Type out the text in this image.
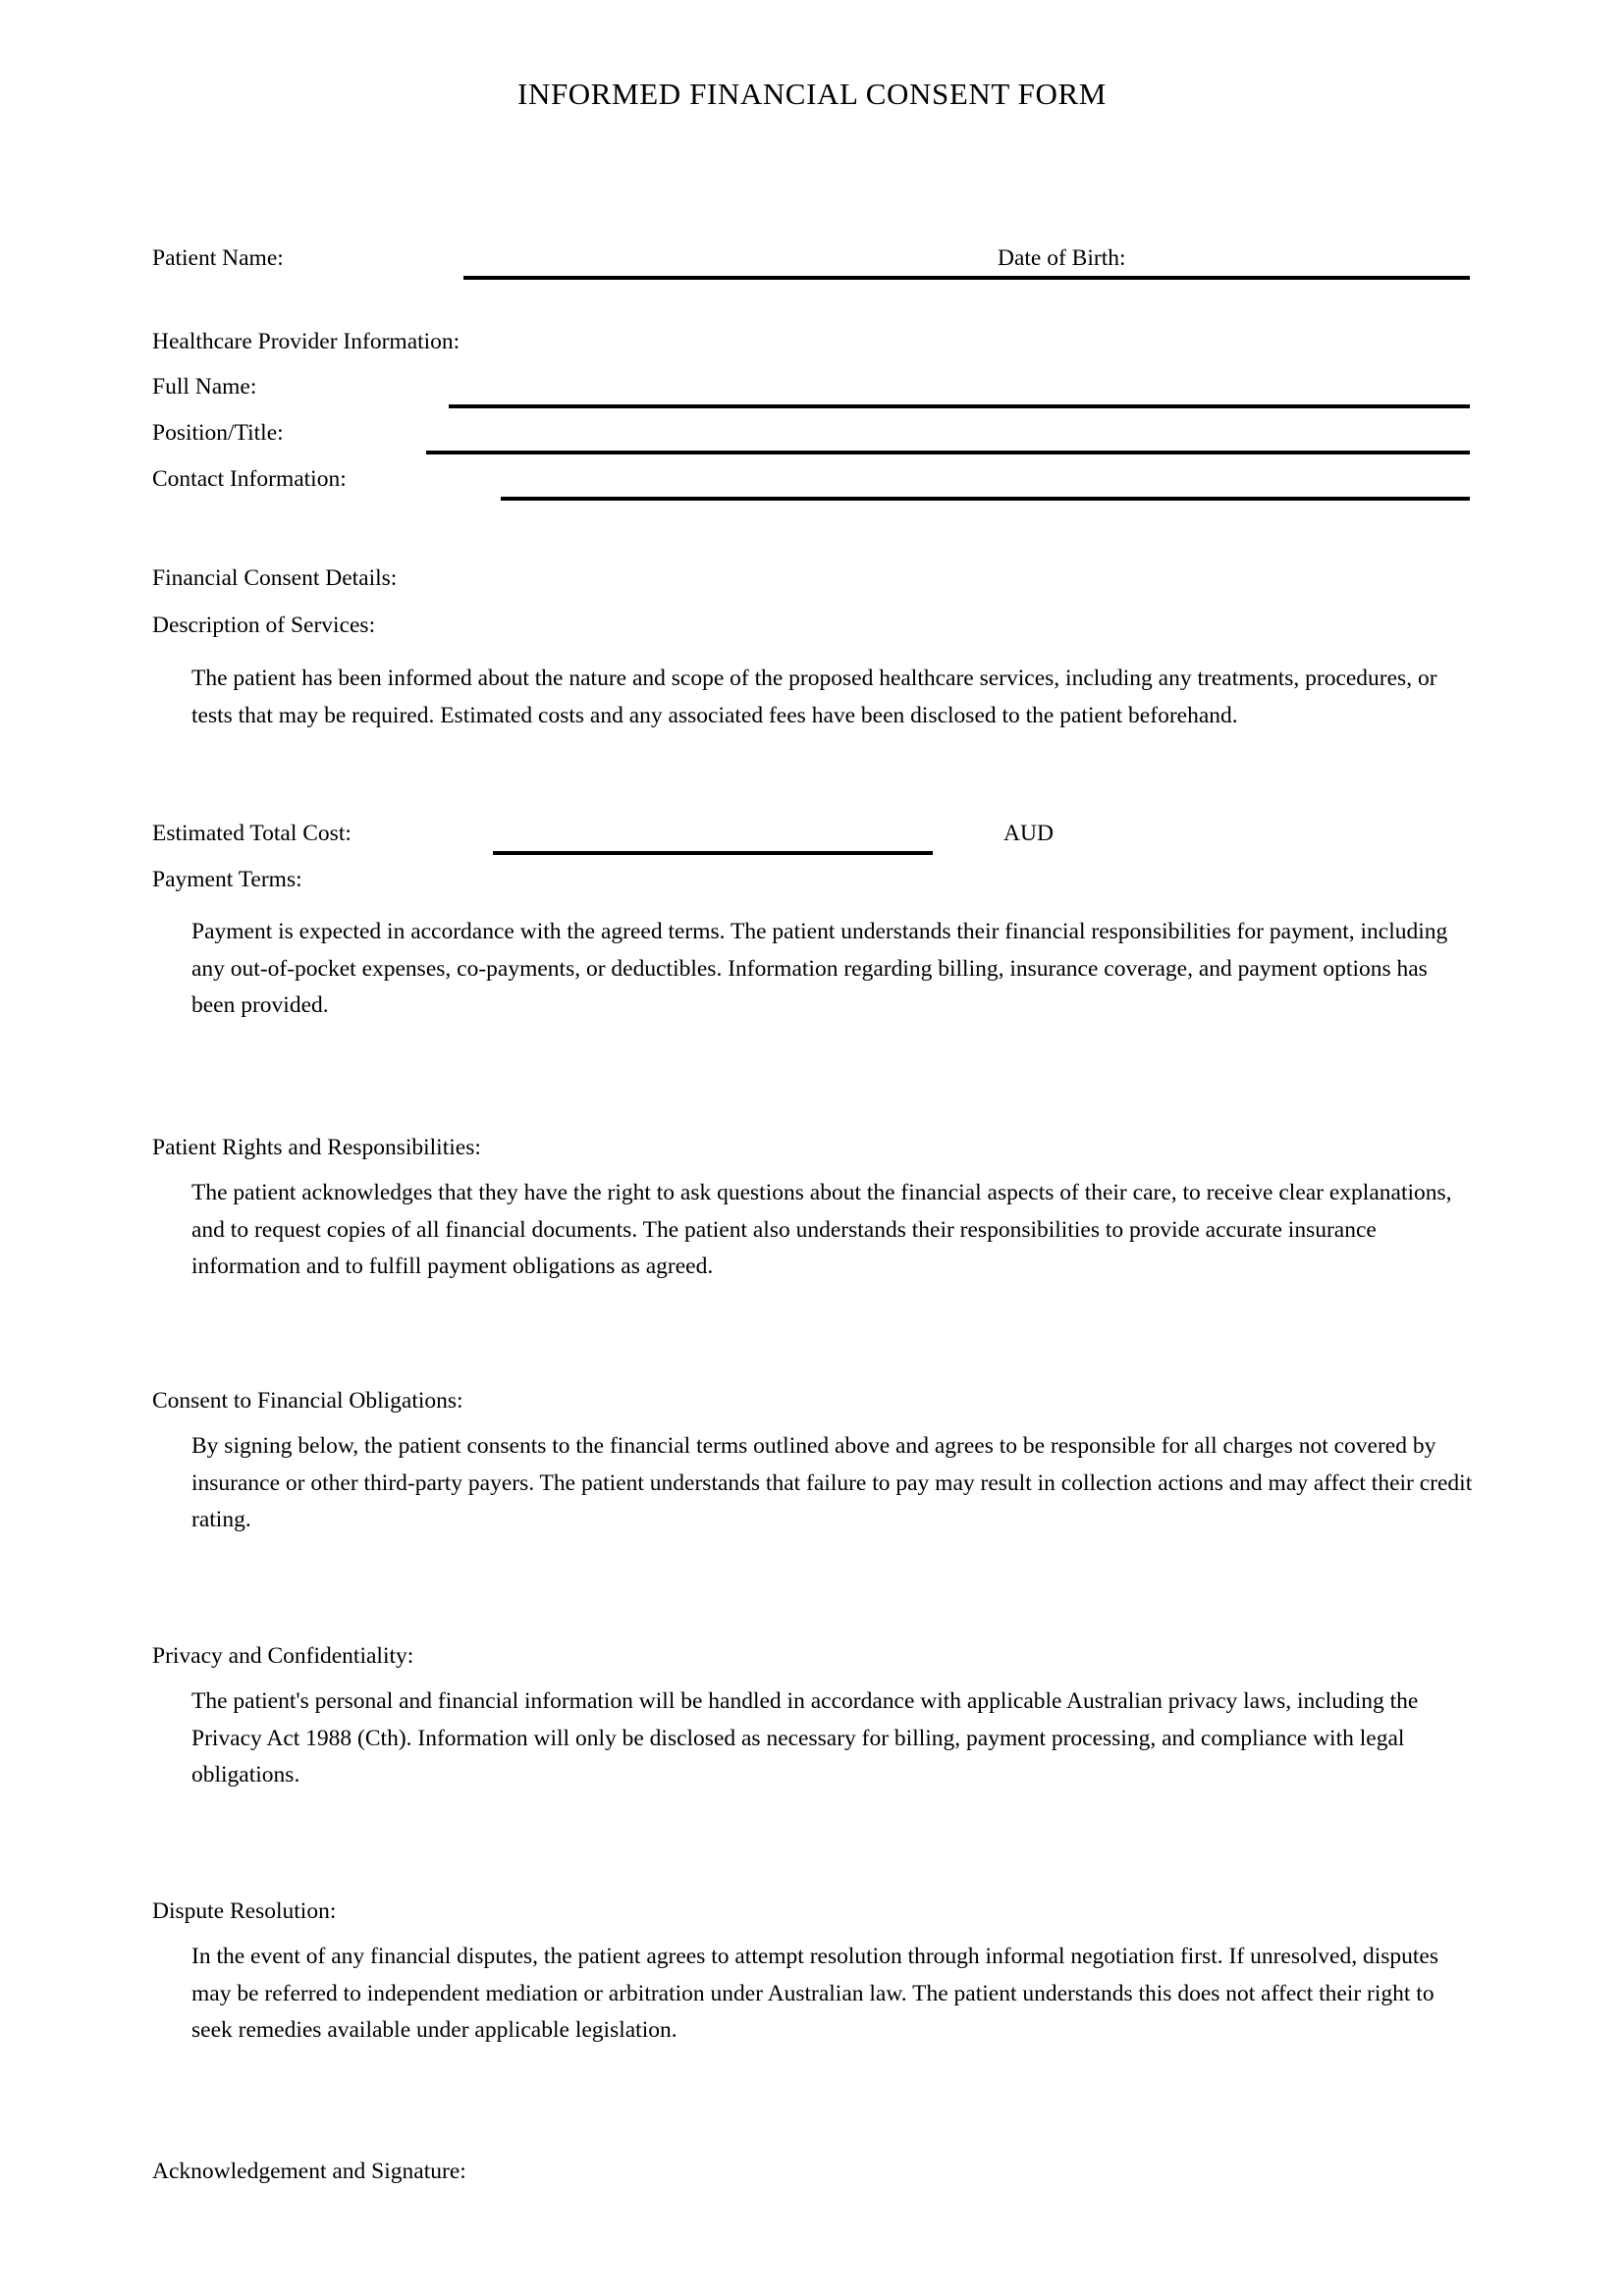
INFORMED FINANCIAL CONSENT FORM
Patient Name:	Date of Birth:
Healthcare Provider Information:
Full Name:
Position/Title:
Contact Information:
Financial Consent Details:
Description of Services:
The patient has been informed about the nature and scope of the proposed healthcare services, including any treatments, procedures, or tests that may be required. Estimated costs and any associated fees have been disclosed to the patient beforehand.
Estimated Total Cost:	AUD
Payment Terms:
Payment is expected in accordance with the agreed terms. The patient understands their financial responsibilities for payment, including any out-of-pocket expenses, co-payments, or deductibles. Information regarding billing, insurance coverage, and payment options has been provided.
Patient Rights and Responsibilities:
The patient acknowledges that they have the right to ask questions about the financial aspects of their care, to receive clear explanations, and to request copies of all financial documents. The patient also understands their responsibilities to provide accurate insurance information and to fulfill payment obligations as agreed.
Consent to Financial Obligations:
By signing below, the patient consents to the financial terms outlined above and agrees to be responsible for all charges not covered by insurance or other third-party payers. The patient understands that failure to pay may result in collection actions and may affect their credit rating.
Privacy and Confidentiality:
The patient's personal and financial information will be handled in accordance with applicable Australian privacy laws, including the Privacy Act 1988 (Cth). Information will only be disclosed as necessary for billing, payment processing, and compliance with legal obligations.
Dispute Resolution:
In the event of any financial disputes, the patient agrees to attempt resolution through informal negotiation first. If unresolved, disputes may be referred to independent mediation or arbitration under Australian law. The patient understands this does not affect their right to seek remedies available under applicable legislation.
Acknowledgement and Signature:
